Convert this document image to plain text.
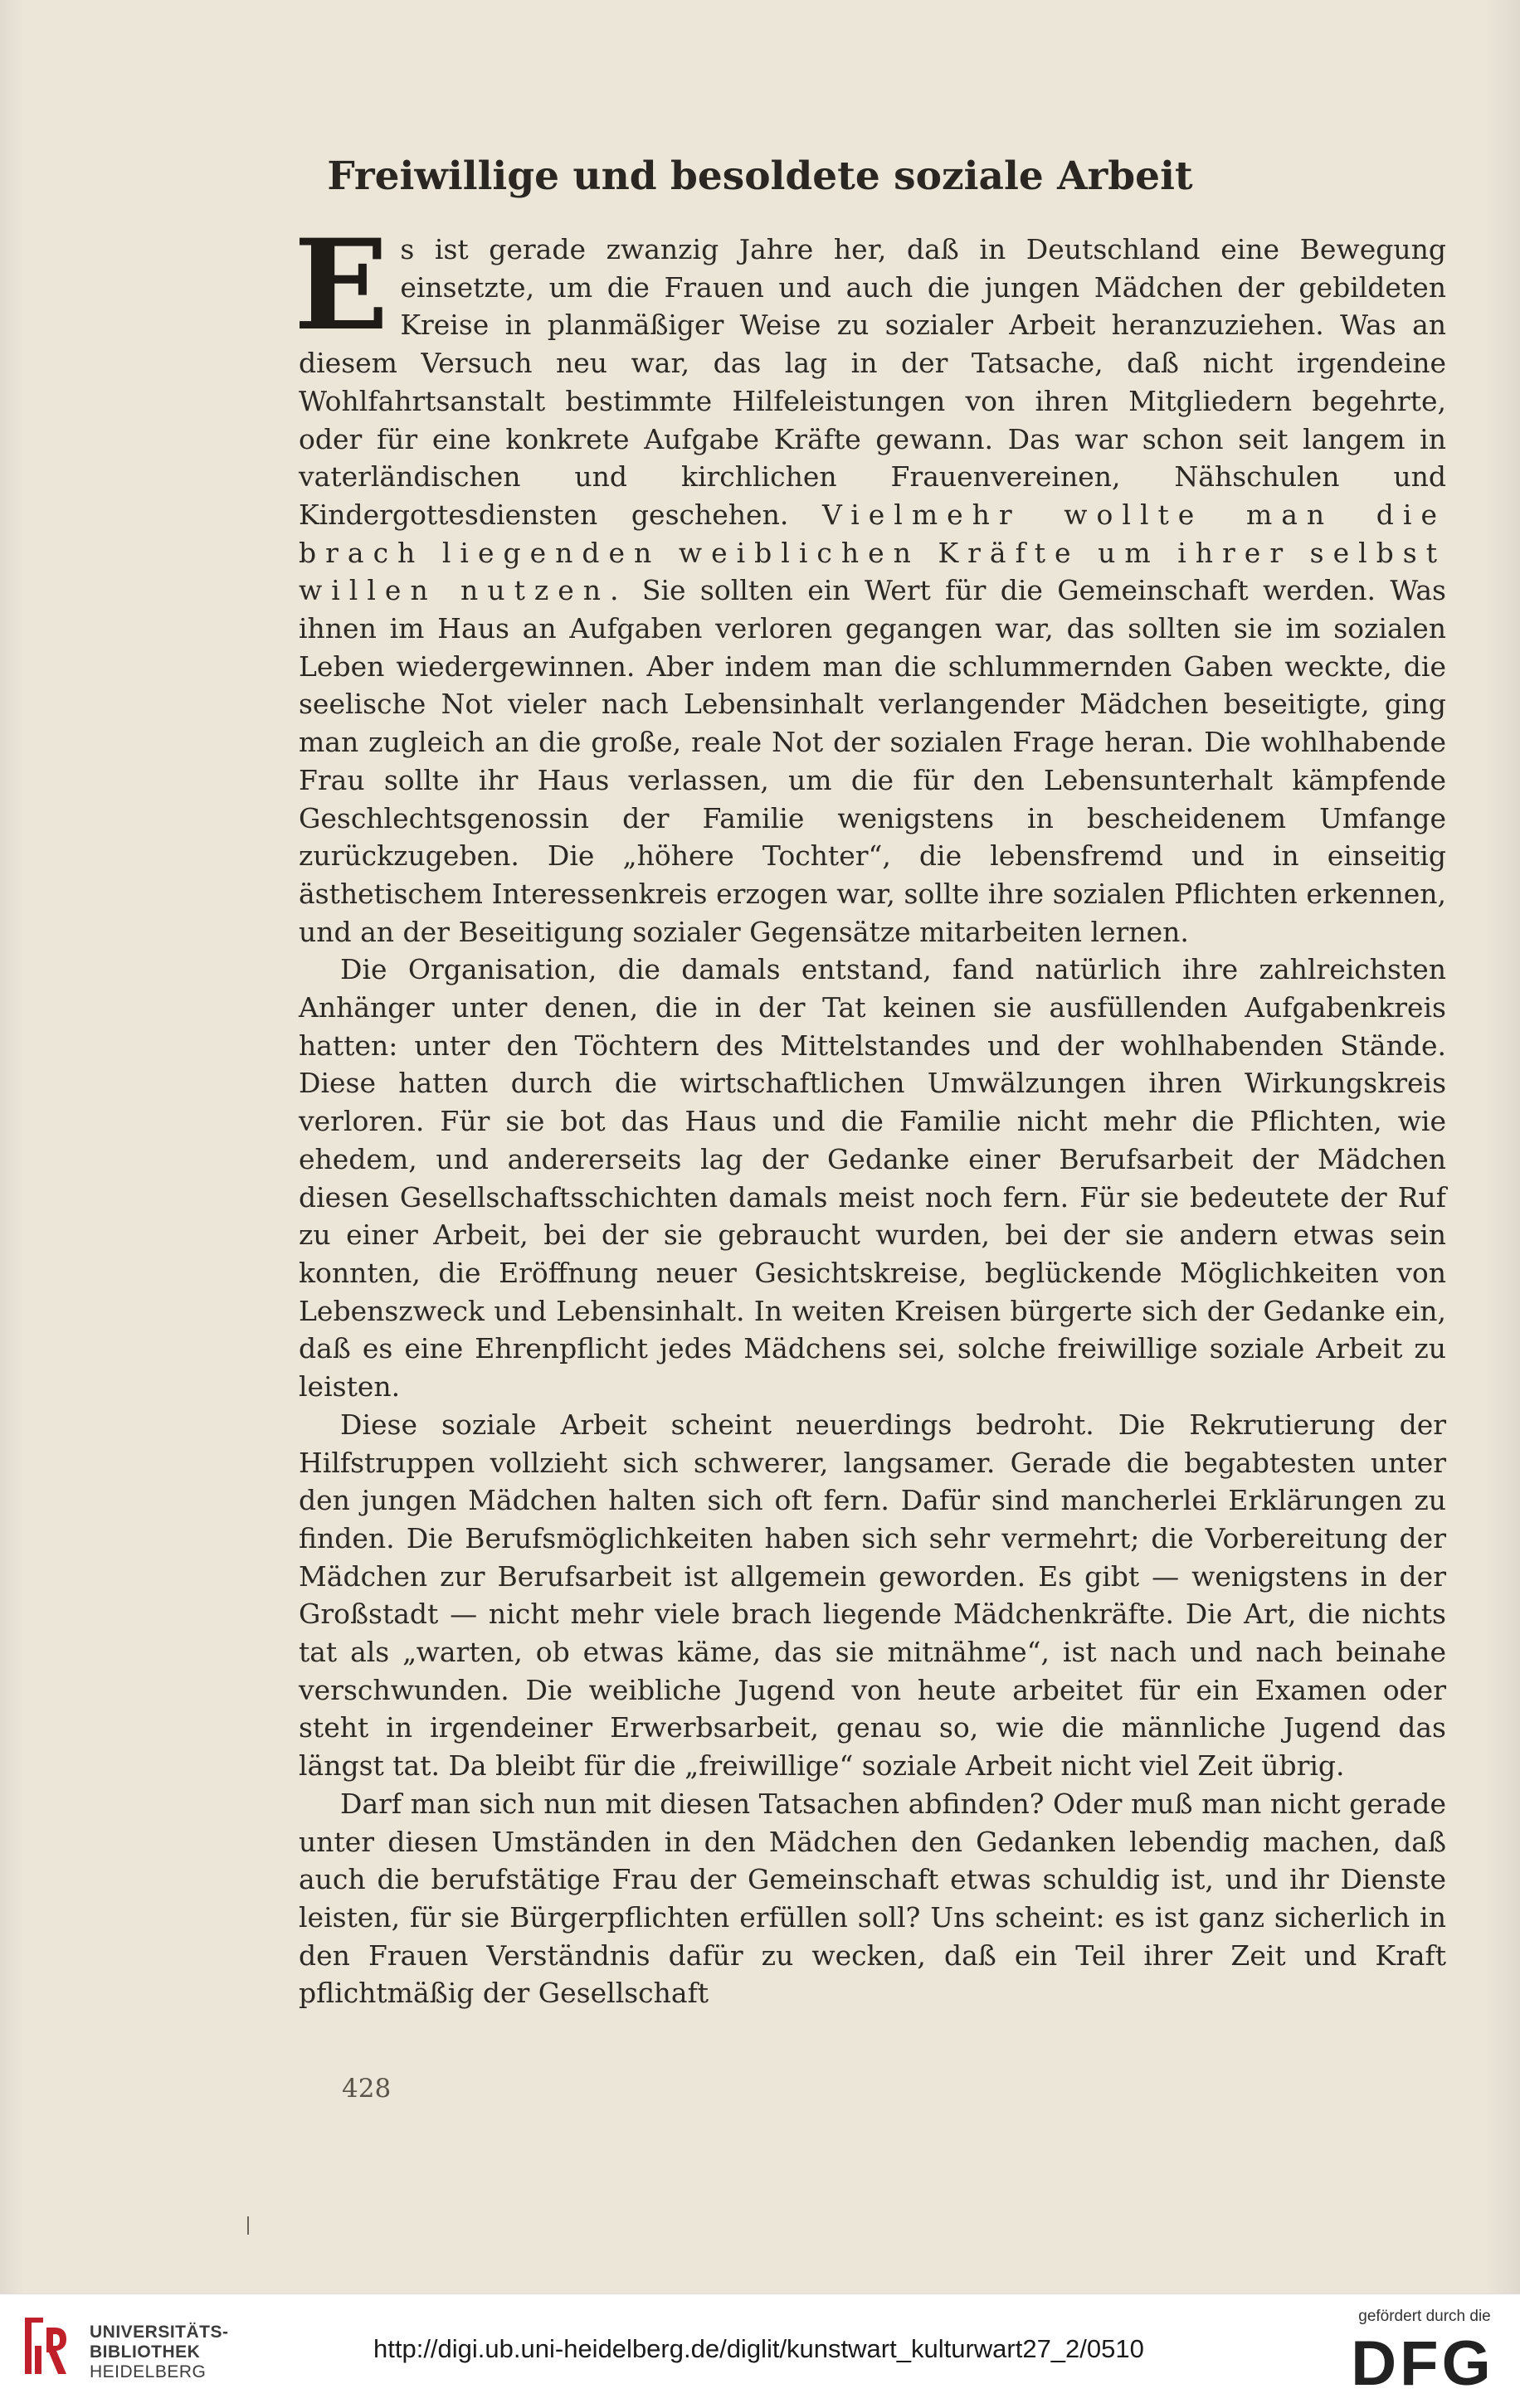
Freiwillige und besoldete soziale Arbeit

Es ist gerade zwanzig Jahre her, daß in Deutschland eine Bewegung einsetzte, um die Frauen und auch die jungen Mädchen der gebildeten Kreise in planmäßiger Weise zu sozialer Arbeit heranzuziehen. Was an diesem Versuch neu war, das lag in der Tatsache, daß nicht irgendeine Wohlfahrtsanstalt bestimmte Hilfeleistungen von ihren Mitgliedern begehrte, oder für eine konkrete Aufgabe Kräfte gewann. Das war schon seit langem in vaterländischen und kirchlichen Frauenvereinen, Nähschulen und Kindergottesdiensten geschehen. Vielmehr wollte man die brach liegenden weiblichen Kräfte um ihrer selbst willen nutzen. Sie sollten ein Wert für die Gemeinschaft werden. Was ihnen im Haus an Aufgaben verloren gegangen war, das sollten sie im sozialen Leben wiedergewinnen. Aber indem man die schlummernden Gaben weckte, die seelische Not vieler nach Lebensinhalt verlangender Mädchen beseitigte, ging man zugleich an die große, reale Not der sozialen Frage heran. Die wohlhabende Frau sollte ihr Haus verlassen, um die für den Lebensunterhalt kämpfende Geschlechtsgenossin der Familie wenigstens in bescheidenem Umfange zurückzugeben. Die „höhere Tochter“, die lebensfremd und in einseitig ästhetischem Interessenkreis erzogen war, sollte ihre sozialen Pflichten erkennen, und an der Beseitigung sozialer Gegensätze mitarbeiten lernen.

Die Organisation, die damals entstand, fand natürlich ihre zahlreichsten Anhänger unter denen, die in der Tat keinen sie ausfüllenden Aufgabenkreis hatten: unter den Töchtern des Mittelstandes und der wohlhabenden Stände. Diese hatten durch die wirtschaftlichen Umwälzungen ihren Wirkungskreis verloren. Für sie bot das Haus und die Familie nicht mehr die Pflichten, wie ehedem, und andererseits lag der Gedanke einer Berufsarbeit der Mädchen diesen Gesellschaftsschichten damals meist noch fern. Für sie bedeutete der Ruf zu einer Arbeit, bei der sie gebraucht wurden, bei der sie andern etwas sein konnten, die Eröffnung neuer Gesichtskreise, beglückende Möglichkeiten von Lebenszweck und Lebensinhalt. In weiten Kreisen bürgerte sich der Gedanke ein, daß es eine Ehrenpflicht jedes Mädchens sei, solche freiwillige soziale Arbeit zu leisten.

Diese soziale Arbeit scheint neuerdings bedroht. Die Rekrutierung der Hilfstruppen vollzieht sich schwerer, langsamer. Gerade die begabtesten unter den jungen Mädchen halten sich oft fern. Dafür sind mancherlei Erklärungen zu finden. Die Berufsmöglichkeiten haben sich sehr vermehrt; die Vorbereitung der Mädchen zur Berufsarbeit ist allgemein geworden. Es gibt — wenigstens in der Großstadt — nicht mehr viele brach liegende Mädchenkräfte. Die Art, die nichts tat als „warten, ob etwas käme, das sie mitnähme“, ist nach und nach beinahe verschwunden. Die weibliche Jugend von heute arbeitet für ein Examen oder steht in irgendeiner Erwerbsarbeit, genau so, wie die männliche Jugend das längst tat. Da bleibt für die „freiwillige“ soziale Arbeit nicht viel Zeit übrig.

Darf man sich nun mit diesen Tatsachen abfinden? Oder muß man nicht gerade unter diesen Umständen in den Mädchen den Gedanken lebendig machen, daß auch die berufstätige Frau der Gemeinschaft etwas schuldig ist, und ihr Dienste leisten, für sie Bürgerpflichten erfüllen soll? Uns scheint: es ist ganz sicherlich in den Frauen Verständnis dafür zu wecken, daß ein Teil ihrer Zeit und Kraft pflichtmäßig der Gesellschaft

428
UNIVERSITÄTS-
BIBLIOTHEK
HEIDELBERG
http://digi.ub.uni-heidelberg.de/diglit/kunstwart_kulturwart27_2/0510
gefördert durch die
DFG
